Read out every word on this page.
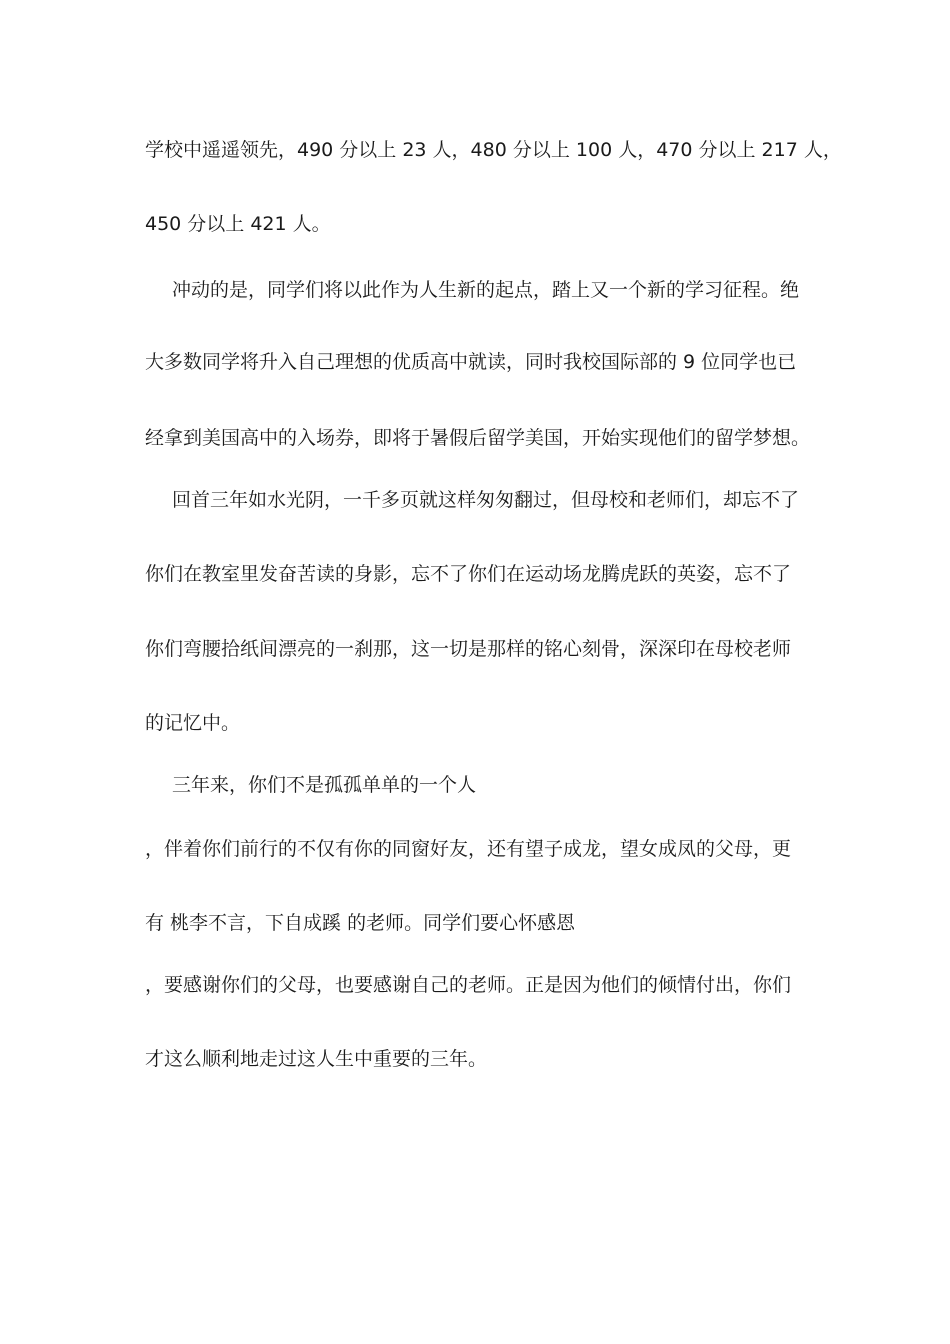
学校中遥遥领先，490 分以上 23 人，480 分以上 100 人，470 分以上 217 人，
450 分以上 421 人。
冲动的是，同学们将以此作为人生新的起点，踏上又一个新的学习征程。绝
大多数同学将升入自己理想的优质高中就读，同时我校国际部的 9 位同学也已
经拿到美国高中的入场券，即将于暑假后留学美国，开始实现他们的留学梦想。
回首三年如水光阴，一千多页就这样匆匆翻过，但母校和老师们，却忘不了
你们在教室里发奋苦读的身影，忘不了你们在运动场龙腾虎跃的英姿，忘不了
你们弯腰拾纸间漂亮的一刹那，这一切是那样的铭心刻骨，深深印在母校老师
的记忆中。
三年来，你们不是孤孤单单的一个人
，伴着你们前行的不仅有你的同窗好友，还有望子成龙，望女成凤的父母，更
有 桃李不言，下自成蹊 的老师。同学们要心怀感恩
，要感谢你们的父母，也要感谢自己的老师。正是因为他们的倾情付出，你们
才这么顺利地走过这人生中重要的三年。
